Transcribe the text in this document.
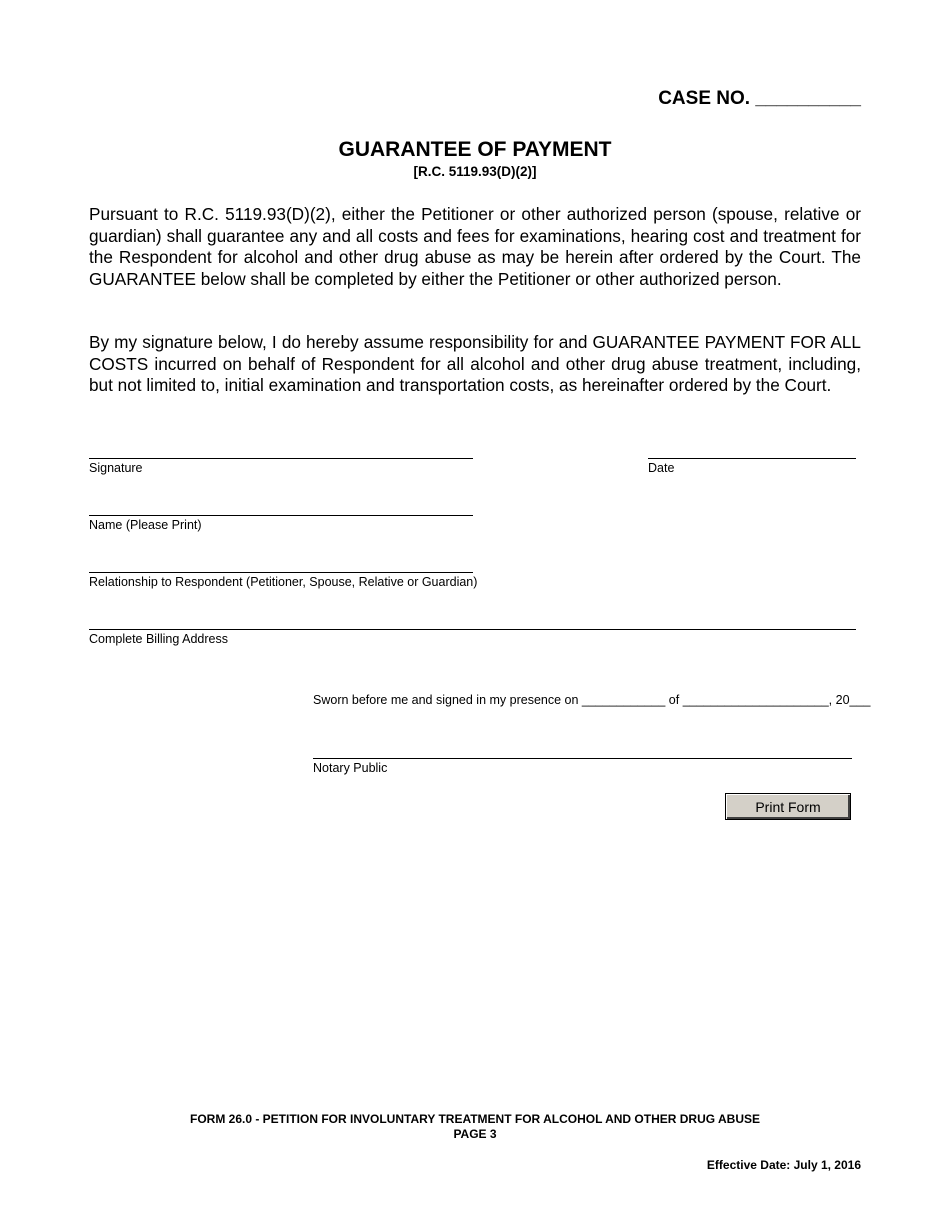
CASE NO. __________
GUARANTEE OF PAYMENT
[R.C. 5119.93(D)(2)]
Pursuant to R.C. 5119.93(D)(2), either the Petitioner or other authorized person (spouse, relative or guardian) shall guarantee any and all costs and fees for examinations, hearing cost and treatment for the Respondent for alcohol and other drug abuse as may be herein after ordered by the Court. The GUARANTEE below shall be completed by either the Petitioner or other authorized person.
By my signature below, I do hereby assume responsibility for and GUARANTEE PAYMENT FOR ALL COSTS incurred on behalf of Respondent for all alcohol and other drug abuse treatment, including, but not limited to, initial examination and transportation costs, as hereinafter ordered by the Court.
Signature	Date
Name (Please Print)
Relationship to Respondent (Petitioner, Spouse, Relative or Guardian)
Complete Billing Address
Sworn before me and signed in my presence on ____________ of _____________________, 20___
Notary Public
Print Form
FORM 26.0 - PETITION FOR INVOLUNTARY TREATMENT FOR ALCOHOL AND OTHER DRUG ABUSE
PAGE 3
Effective Date: July 1, 2016
